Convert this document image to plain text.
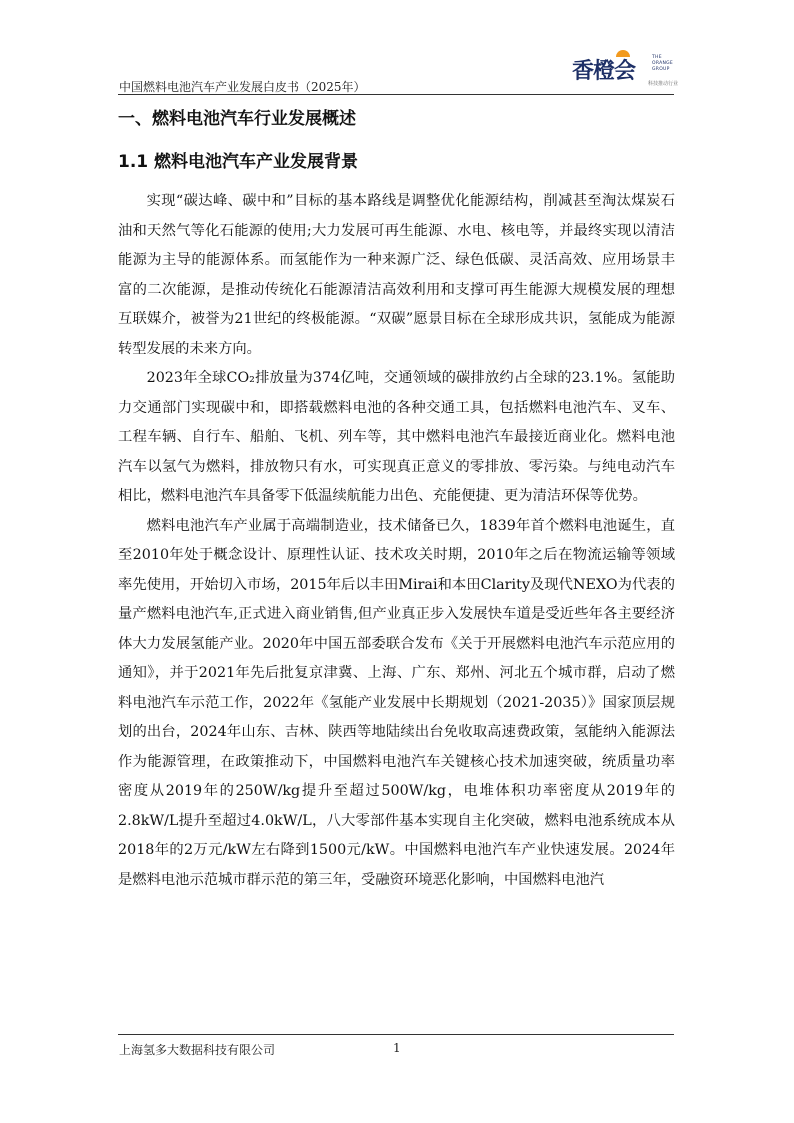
中国燃料电池汽车产业发展白皮书（2025年）
香橙会
THE ORANGE GROUP
科技推动行业
一、燃料电池汽车行业发展概述
1.1 燃料电池汽车产业发展背景

实现“碳达峰、碳中和”目标的基本路线是调整优化能源结构，削减甚至淘汰煤炭石油和天然气等化石能源的使用;大力发展可再生能源、水电、核电等，并最终实现以清洁能源为主导的能源体系。而氢能作为一种来源广泛、绿色低碳、灵活高效、应用场景丰富的二次能源，是推动传统化石能源清洁高效利用和支撑可再生能源大规模发展的理想互联媒介，被誉为21世纪的终极能源。“双碳”愿景目标在全球形成共识，氢能成为能源转型发展的未来方向。

2023年全球CO₂排放量为374亿吨，交通领域的碳排放约占全球的23.1%。氢能助力交通部门实现碳中和，即搭载燃料电池的各种交通工具，包括燃料电池汽车、叉车、工程车辆、自行车、船舶、飞机、列车等，其中燃料电池汽车最接近商业化。燃料电池汽车以氢气为燃料，排放物只有水，可实现真正意义的零排放、零污染。与纯电动汽车相比，燃料电池汽车具备零下低温续航能力出色、充能便捷、更为清洁环保等优势。

燃料电池汽车产业属于高端制造业，技术储备已久，1839年首个燃料电池诞生，直至2010年处于概念设计、原理性认证、技术攻关时期，2010年之后在物流运输等领域率先使用，开始切入市场，2015年后以丰田Mirai和本田Clarity及现代NEXO为代表的量产燃料电池汽车,正式进入商业销售,但产业真正步入发展快车道是受近些年各主要经济体大力发展氢能产业。2020年中国五部委联合发布《关于开展燃料电池汽车示范应用的通知》，并于2021年先后批复京津冀、上海、广东、郑州、河北五个城市群，启动了燃料电池汽车示范工作，2022年《氢能产业发展中长期规划（2021-2035）》国家顶层规划的出台，2024年山东、吉林、陕西等地陆续出台免收取高速费政策，氢能纳入能源法作为能源管理，在政策推动下，中国燃料电池汽车关键核心技术加速突破，统质量功率密度从2019年的250W/kg提升至超过500W/kg，电堆体积功率密度从2019年的2.8kW/L提升至超过4.0kW/L，八大零部件基本实现自主化突破，燃料电池系统成本从2018年的2万元/kW左右降到1500元/kW。中国燃料电池汽车产业快速发展。2024年是燃料电池示范城市群示范的第三年，受融资环境恶化影响，中国燃料电池汽

上海氢多大数据科技有限公司	1
